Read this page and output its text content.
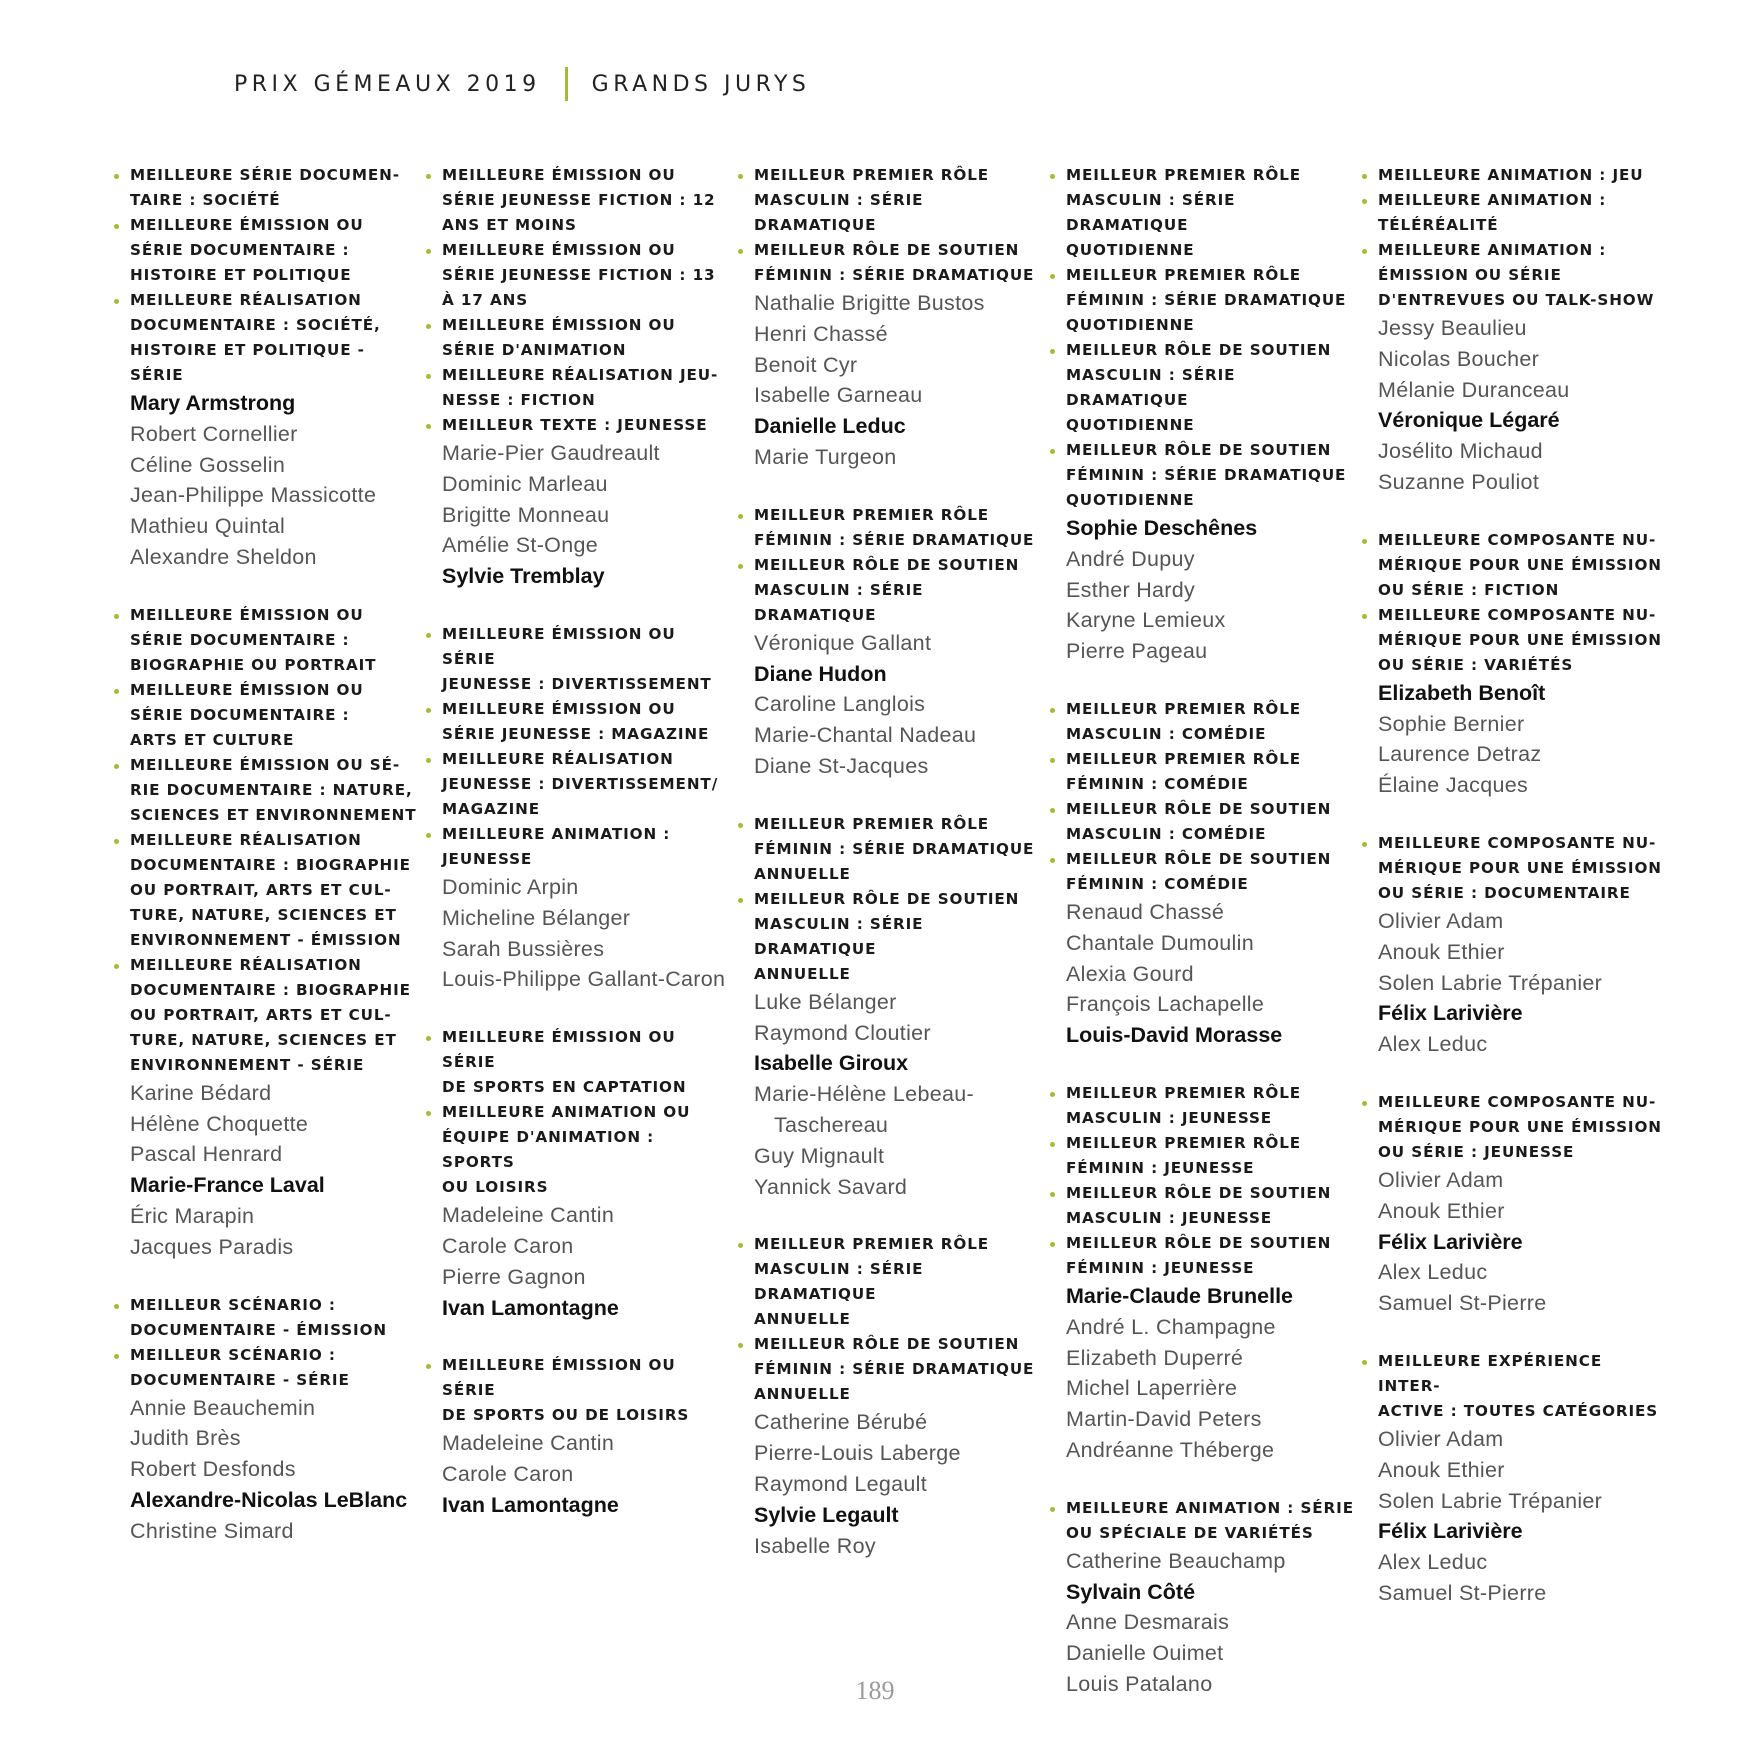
PRIX GÉMEAUX 2019 GRANDS JURYS
MEILLEURE SÉRIE DOCUMEN-
TAIRE : SOCIÉTÉ
MEILLEURE ÉMISSION OU
SÉRIE DOCUMENTAIRE :
HISTOIRE ET POLITIQUE
MEILLEURE RÉALISATION
DOCUMENTAIRE : SOCIÉTÉ,
HISTOIRE ET POLITIQUE - SÉRIE
Mary Armstrong
Robert Cornellier
Céline Gosselin
Jean-Philippe Massicotte
Mathieu Quintal
Alexandre Sheldon
MEILLEURE ÉMISSION OU
SÉRIE DOCUMENTAIRE :
BIOGRAPHIE OU PORTRAIT
MEILLEURE ÉMISSION OU
SÉRIE DOCUMENTAIRE :
ARTS ET CULTURE
MEILLEURE ÉMISSION OU SÉ-
RIE DOCUMENTAIRE : NATURE,
SCIENCES ET ENVIRONNEMENT
MEILLEURE RÉALISATION
DOCUMENTAIRE : BIOGRAPHIE
OU PORTRAIT, ARTS ET CUL-
TURE, NATURE, SCIENCES ET
ENVIRONNEMENT - ÉMISSION
MEILLEURE RÉALISATION
DOCUMENTAIRE : BIOGRAPHIE
OU PORTRAIT, ARTS ET CUL-
TURE, NATURE, SCIENCES ET
ENVIRONNEMENT - SÉRIE
Karine Bédard
Hélène Choquette
Pascal Henrard
Marie-France Laval
Éric Marapin
Jacques Paradis
MEILLEUR SCÉNARIO :
DOCUMENTAIRE - ÉMISSION
MEILLEUR SCÉNARIO :
DOCUMENTAIRE - SÉRIE
Annie Beauchemin
Judith Brès
Robert Desfonds
Alexandre-Nicolas LeBlanc
Christine Simard
MEILLEURE ÉMISSION OU
SÉRIE JEUNESSE FICTION : 12
ANS ET MOINS
MEILLEURE ÉMISSION OU
SÉRIE JEUNESSE FICTION : 13
À 17 ANS
MEILLEURE ÉMISSION OU
SÉRIE D'ANIMATION
MEILLEURE RÉALISATION JEU-
NESSE : FICTION
MEILLEUR TEXTE : JEUNESSE
Marie-Pier Gaudreault
Dominic Marleau
Brigitte Monneau
Amélie St-Onge
Sylvie Tremblay
MEILLEURE ÉMISSION OU SÉRIE
JEUNESSE : DIVERTISSEMENT
MEILLEURE ÉMISSION OU
SÉRIE JEUNESSE : MAGAZINE
MEILLEURE RÉALISATION
JEUNESSE : DIVERTISSEMENT/
MAGAZINE
MEILLEURE ANIMATION :
JEUNESSE
Dominic Arpin
Micheline Bélanger
Sarah Bussières
Louis-Philippe Gallant-Caron
MEILLEURE ÉMISSION OU SÉRIE
DE SPORTS EN CAPTATION
MEILLEURE ANIMATION OU
ÉQUIPE D'ANIMATION : SPORTS
OU LOISIRS
Madeleine Cantin
Carole Caron
Pierre Gagnon
Ivan Lamontagne
MEILLEURE ÉMISSION OU SÉRIE
DE SPORTS OU DE LOISIRS
Madeleine Cantin
Carole Caron
Ivan Lamontagne
MEILLEUR PREMIER RÔLE
MASCULIN : SÉRIE DRAMATIQUE
MEILLEUR RÔLE DE SOUTIEN
FÉMININ : SÉRIE DRAMATIQUE
Nathalie Brigitte Bustos
Henri Chassé
Benoit Cyr
Isabelle Garneau
Danielle Leduc
Marie Turgeon
MEILLEUR PREMIER RÔLE
FÉMININ : SÉRIE DRAMATIQUE
MEILLEUR RÔLE DE SOUTIEN
MASCULIN : SÉRIE DRAMATIQUE
Véronique Gallant
Diane Hudon
Caroline Langlois
Marie-Chantal Nadeau
Diane St-Jacques
MEILLEUR PREMIER RÔLE
FÉMININ : SÉRIE DRAMATIQUE
ANNUELLE
MEILLEUR RÔLE DE SOUTIEN
MASCULIN : SÉRIE DRAMATIQUE
ANNUELLE
Luke Bélanger
Raymond Cloutier
Isabelle Giroux
Marie-Hélène Lebeau-
Taschereau
Guy Mignault
Yannick Savard
MEILLEUR PREMIER RÔLE
MASCULIN : SÉRIE DRAMATIQUE
ANNUELLE
MEILLEUR RÔLE DE SOUTIEN
FÉMININ : SÉRIE DRAMATIQUE
ANNUELLE
Catherine Bérubé
Pierre-Louis Laberge
Raymond Legault
Sylvie Legault
Isabelle Roy
MEILLEUR PREMIER RÔLE
MASCULIN : SÉRIE DRAMATIQUE
QUOTIDIENNE
MEILLEUR PREMIER RÔLE
FÉMININ : SÉRIE DRAMATIQUE
QUOTIDIENNE
MEILLEUR RÔLE DE SOUTIEN
MASCULIN : SÉRIE DRAMATIQUE
QUOTIDIENNE
MEILLEUR RÔLE DE SOUTIEN
FÉMININ : SÉRIE DRAMATIQUE
QUOTIDIENNE
Sophie Deschênes
André Dupuy
Esther Hardy
Karyne Lemieux
Pierre Pageau
MEILLEUR PREMIER RÔLE
MASCULIN : COMÉDIE
MEILLEUR PREMIER RÔLE
FÉMININ : COMÉDIE
MEILLEUR RÔLE DE SOUTIEN
MASCULIN : COMÉDIE
MEILLEUR RÔLE DE SOUTIEN
FÉMININ : COMÉDIE
Renaud Chassé
Chantale Dumoulin
Alexia Gourd
François Lachapelle
Louis-David Morasse
MEILLEUR PREMIER RÔLE
MASCULIN : JEUNESSE
MEILLEUR PREMIER RÔLE
FÉMININ : JEUNESSE
MEILLEUR RÔLE DE SOUTIEN
MASCULIN : JEUNESSE
MEILLEUR RÔLE DE SOUTIEN
FÉMININ : JEUNESSE
Marie-Claude Brunelle
André L. Champagne
Elizabeth Duperré
Michel Laperrière
Martin-David Peters
Andréanne Théberge
MEILLEURE ANIMATION : SÉRIE
OU SPÉCIALE DE VARIÉTÉS
Catherine Beauchamp
Sylvain Côté
Anne Desmarais
Danielle Ouimet
Louis Patalano
MEILLEURE ANIMATION : JEU
MEILLEURE ANIMATION :
TÉLÉRÉALITÉ
MEILLEURE ANIMATION :
ÉMISSION OU SÉRIE
D'ENTREVUES OU TALK-SHOW
Jessy Beaulieu
Nicolas Boucher
Mélanie Duranceau
Véronique Légaré
Josélito Michaud
Suzanne Pouliot
MEILLEURE COMPOSANTE NU-
MÉRIQUE POUR UNE ÉMISSION
OU SÉRIE : FICTION
MEILLEURE COMPOSANTE NU-
MÉRIQUE POUR UNE ÉMISSION
OU SÉRIE : VARIÉTÉS
Elizabeth Benoît
Sophie Bernier
Laurence Detraz
Élaine Jacques
MEILLEURE COMPOSANTE NU-
MÉRIQUE POUR UNE ÉMISSION
OU SÉRIE : DOCUMENTAIRE
Olivier Adam
Anouk Ethier
Solen Labrie Trépanier
Félix Larivière
Alex Leduc
MEILLEURE COMPOSANTE NU-
MÉRIQUE POUR UNE ÉMISSION
OU SÉRIE : JEUNESSE
Olivier Adam
Anouk Ethier
Félix Larivière
Alex Leduc
Samuel St-Pierre
MEILLEURE EXPÉRIENCE INTER-
ACTIVE : TOUTES CATÉGORIES
Olivier Adam
Anouk Ethier
Solen Labrie Trépanier
Félix Larivière
Alex Leduc
Samuel St-Pierre
189
